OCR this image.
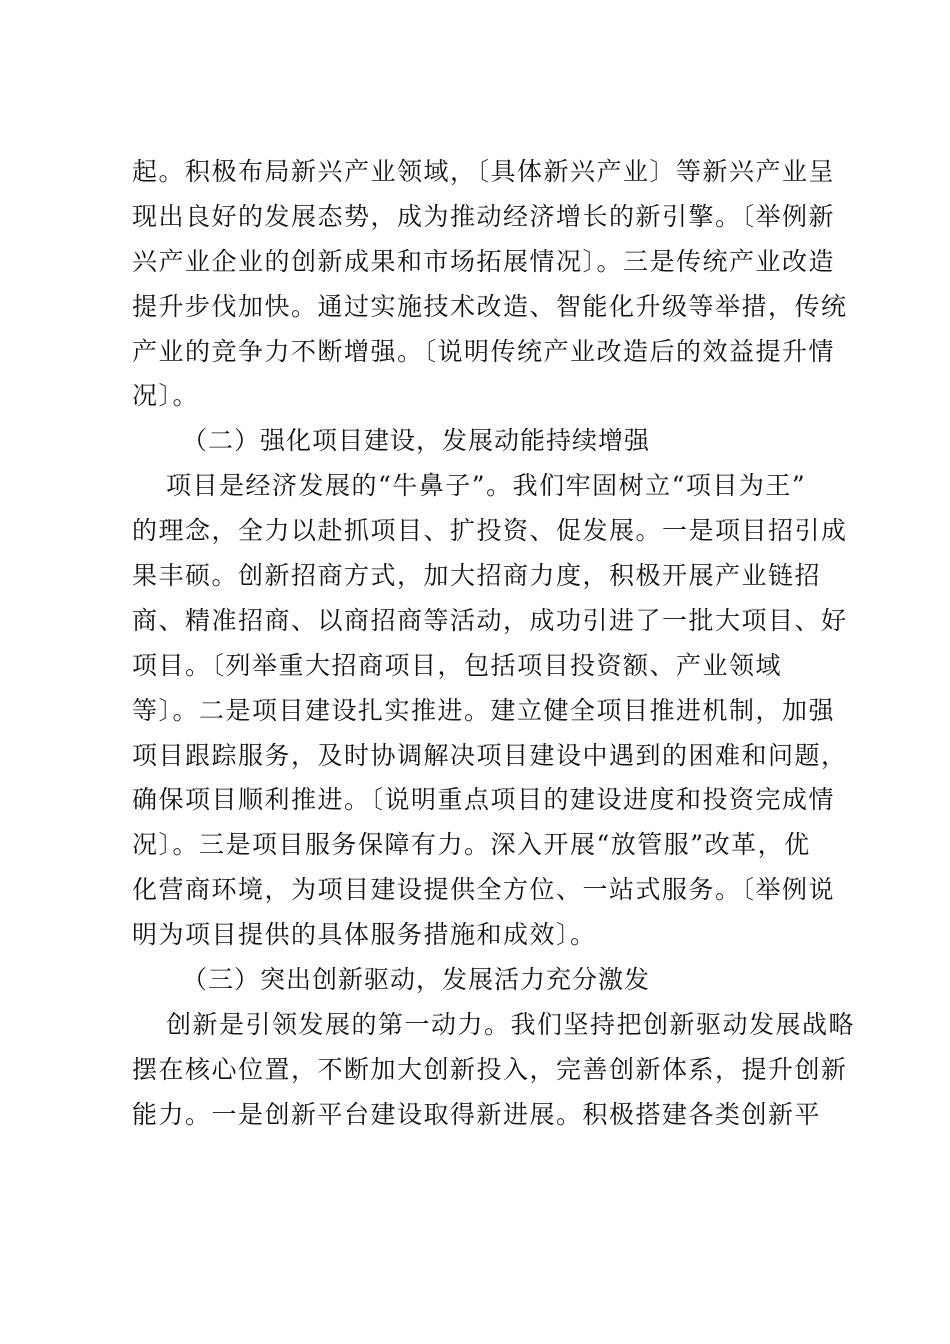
起。积极布局新兴产业领域，〔具体新兴产业〕等新兴产业呈
现出良好的发展态势，成为推动经济增长的新引擎。〔举例新
兴产业企业的创新成果和市场拓展情况〕。三是传统产业改造
提升步伐加快。通过实施技术改造、智能化升级等举措，传统
产业的竞争力不断增强。〔说明传统产业改造后的效益提升情
况〕。
（二）强化项目建设，发展动能持续增强
项目是经济发展的“牛鼻子”。我们牢固树立“项目为王”
的理念，全力以赴抓项目、扩投资、促发展。一是项目招引成
果丰硕。创新招商方式，加大招商力度，积极开展产业链招
商、精准招商、以商招商等活动，成功引进了一批大项目、好
项目。〔列举重大招商项目，包括项目投资额、产业领域
等〕。二是项目建设扎实推进。建立健全项目推进机制，加强
项目跟踪服务，及时协调解决项目建设中遇到的困难和问题，
确保项目顺利推进。〔说明重点项目的建设进度和投资完成情
况〕。三是项目服务保障有力。深入开展“放管服”改革，优
化营商环境，为项目建设提供全方位、一站式服务。〔举例说
明为项目提供的具体服务措施和成效〕。
（三）突出创新驱动，发展活力充分激发
创新是引领发展的第一动力。我们坚持把创新驱动发展战略
摆在核心位置，不断加大创新投入，完善创新体系，提升创新
能力。一是创新平台建设取得新进展。积极搭建各类创新平
